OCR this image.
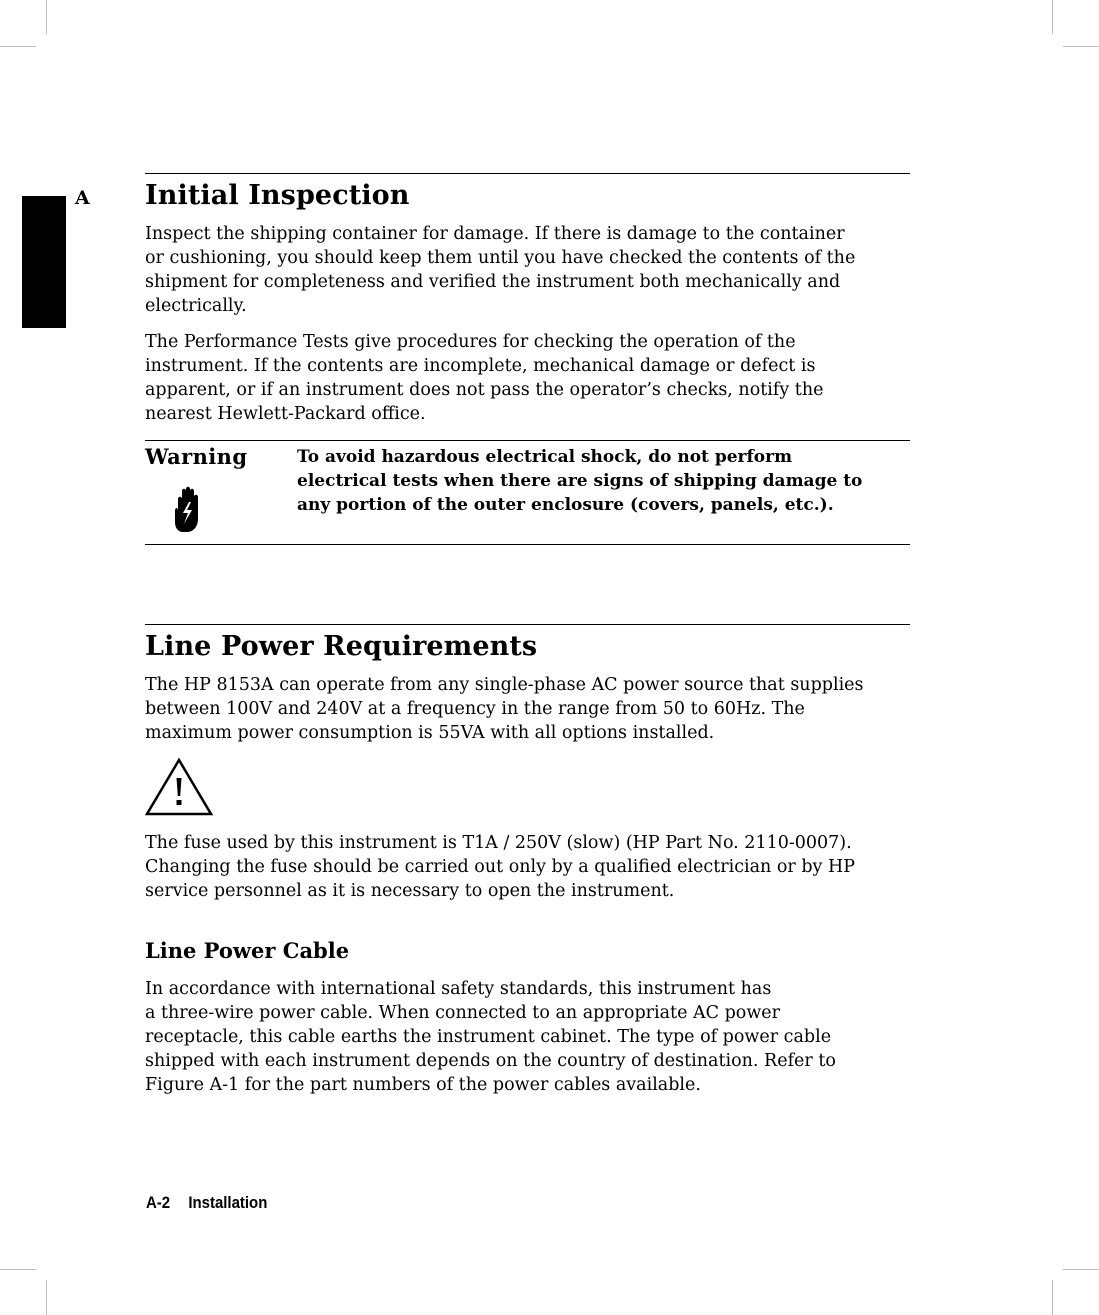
A Initial Inspection

Inspect the shipping container for damage. If there is damage to the container
or cushioning, you should keep them until you have checked the contents of the
shipment for completeness and verified the instrument both mechanically and
electrically.

The Performance Tests give procedures for checking the operation of the
instrument. If the contents are incomplete, mechanical damage or defect is
apparent, or if an instrument does not pass the operator’s checks, notify the
nearest Hewlett-Packard office.

Warning	To avoid hazardous electrical shock, do not perform
electrical tests when there are signs of shipping damage to
any portion of the outer enclosure (covers, panels, etc.).

Line Power Requirements

The HP 8153A can operate from any single-phase AC power source that supplies
between 100V and 240V at a frequency in the range from 50 to 60Hz. The
maximum power consumption is 55VA with all options installed.

The fuse used by this instrument is T1A / 250V (slow) (HP Part No. 2110-0007).
Changing the fuse should be carried out only by a qualified electrician or by HP
service personnel as it is necessary to open the instrument.

Line Power Cable

In accordance with international safety standards, this instrument has
a three-wire power cable. When connected to an appropriate AC power
receptacle, this cable earths the instrument cabinet. The type of power cable
shipped with each instrument depends on the country of destination. Refer to
Figure A-1 for the part numbers of the power cables available.

A-2 Installation
